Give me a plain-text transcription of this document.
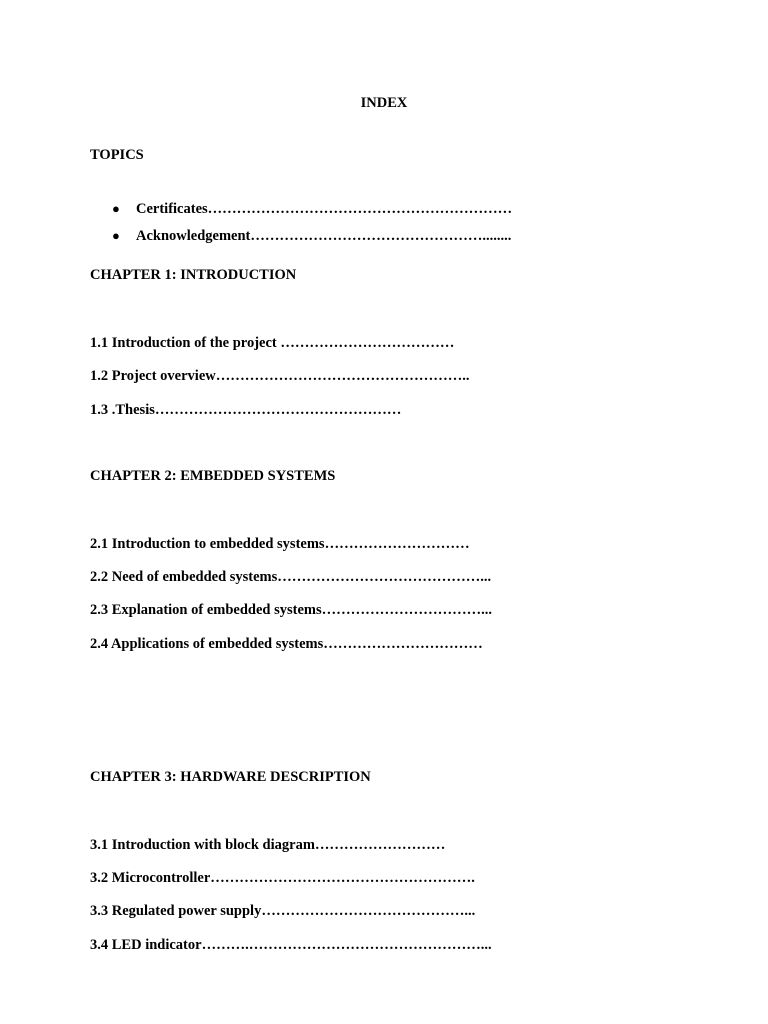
INDEX
TOPICS
● Certificates………………………………………………………
● Acknowledgement…………………………………………........
CHAPTER 1: INTRODUCTION
1.1 Introduction of the project ………………………………
1.2 Project overview……………………………………………..
1.3 .Thesis……………………………………………
CHAPTER 2: EMBEDDED SYSTEMS
2.1 Introduction to embedded systems…………………………
2.2 Need of embedded systems……………………………………...
2.3 Explanation of embedded systems……………………………...
2.4 Applications of embedded systems……………………………
CHAPTER 3: HARDWARE DESCRIPTION
3.1 Introduction with block diagram………………………
3.2 Microcontroller……………………………………………….
3.3 Regulated power supply……………………………………...
3.4 LED indicator……….…………………………………………...
